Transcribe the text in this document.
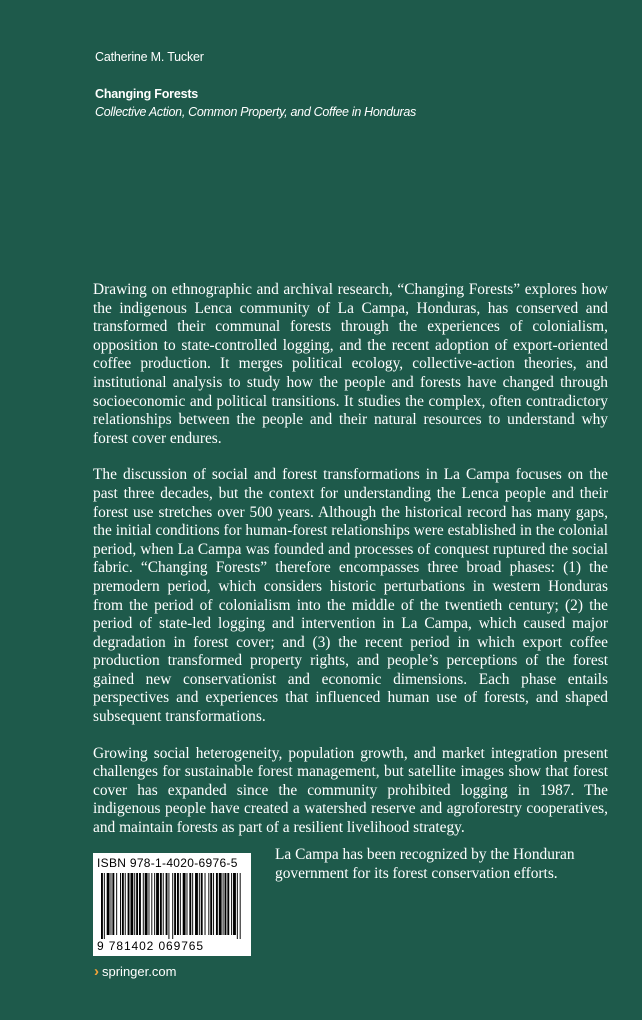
Catherine M. Tucker
Changing Forests
Collective Action, Common Property, and Coffee in Honduras

Drawing on ethnographic and archival research, “Changing Forests” explores how the indigenous Lenca community of La Campa, Honduras, has conserved and transformed their communal forests through the experiences of colonialism, opposition to state-controlled logging, and the recent adoption of export-oriented coffee production. It merges political ecology, collective-action theories, and institutional analysis to study how the people and forests have changed through socioeconomic and political transitions. It studies the complex, often contradictory relationships between the people and their natural resources to understand why forest cover endures.

The discussion of social and forest transformations in La Campa focuses on the past three decades, but the context for understanding the Lenca people and their forest use stretches over 500 years. Although the historical record has many gaps, the initial conditions for human-forest relationships were established in the colonial period, when La Campa was founded and processes of conquest ruptured the social fabric. “Changing Forests” therefore encompasses three broad phases: (1) the premodern period, which considers historic perturbations in western Honduras from the period of colonialism into the middle of the twentieth century; (2) the period of state-led logging and intervention in La Campa, which caused major degradation in forest cover; and (3) the recent period in which export coffee production transformed property rights, and people’s perceptions of the forest gained new conservationist and economic dimensions. Each phase entails perspectives and experiences that influenced human use of forests, and shaped subsequent transformations.

Growing social heterogeneity, population growth, and market integration present challenges for sustainable forest management, but satellite images show that forest cover has expanded since the community prohibited logging in 1987. The indigenous people have created a watershed reserve and agroforestry cooperatives, and maintain forests as part of a resilient livelihood strategy.

ISBN 978-1-4020-6976-5
9 781402 069765
La Campa has been recognized by the Honduran government for its forest conservation efforts.
› springer.com
